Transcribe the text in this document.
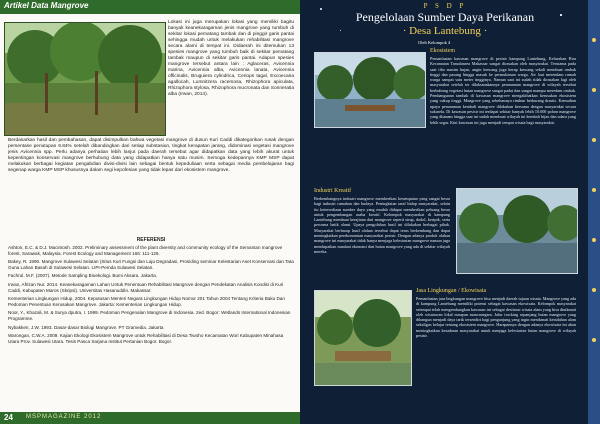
Artikel Data Mangrove
Lokasi ini juga merupakan lokasi yang memiliki bagitu banyak keanekaragaman jenis mangrove yang tumbuh di sekitar lokasi pematang tambak dan di pinggir garis pantai sehingga mudah untuk melakukan rehabilitasi mangrove secara alami di tempat ini. Didaerah ini ditemukan 13 spesies mangrove yang tumbuh baik di sekitar pematang tambak maupun di sekitar garis pantai. Adapun spesies mangrove tersebut antara lain : Aglaceras, Avicennia marina, Avicennia alba, Avicennia lanata, Avicennia officinalis, Bruguiera cylindrica, Ceriops tagal, Excoecaria agallocah, Lumnitzera racemosa, Rhizophora apiculata, Rhizophora stylosa, Rhizophora mucronata dan Sonneratia alba (Irwan, 2014).
Berdasarkan hasil dan pembahasan, dapat disimpulkan bahwa vegetasi mangrove di dusun Kuri Caddi dikategorikan rusak dengan persentase penutupan 9.84% setelah dibandingkan dari setiap substasiun, tingkat kerapatan jarang, didominasi vegetasi mangrove jenis Avicennia spp. Perlu adanya perhatian lebih lanjut pada daerah tersebut agar didapatkan data yang lebih akurat untuk kepentingan konservasi mangrove berhubung data yang didapatkan hanya satu musim. Semoga kedepannya KMP MSP dapat melakukan berbagai kegiatan pengabdian divisi-divisi lain sebagai bentuk kepeduliaan serta sebagai media pembelajaran bagi segenap warga KMP MSP khususnya dalam segi kepofesian yang tidak lepas dari ekosistem mangrove.
REFERENSI

Ashton, E.C. & D.J. Macintosh. 2002. Preliminary assessment of the plant diversity and community ecology of the Semantan mangrove forest, Sarawak, Malaysia. Forest Ecology and Management 166: 111-129.

Bakey, R. 1990. Mangrove Sulawesi Selatan (Situs Kuri Fungsi dan Laju Degradasi, Prosiding seminar Kelestarian Aset Konservasi dan Tata Guna Lahan Basah di Sulawesi Selatan. LIPI-Pemda Sulawesi Selatan.

Fachrul, M.F. (2007). Metode Sampling Bioekologi. Bumi Aksara. Jakarta.

Irwan, Afrizan Nur. 2014. Keanekaragaman Lahan Untuk Penentuan Rehabilitasi Mangrove dengan Pendekatan Analisis Kondisi di Kuri Caddi, Kabupaten Maros (Skripsi). Universitas Hasanuddin. Makassar.

Kementerian Lingkungan Hidup, 2004. Keputusan Menteri Negara Lingkungan Hidup Nomor 201 Tahun 2004 Tentang Kriteria Baku Dan Pedoman Penentuan Kerusakan Mangrove. Jakarta: Kementerian Lingkungan Hidup.

Noor, Y., Khazali, M. & Surya dputra, I. 1999. Pedoman Pengenalan Mangrove di Indonesia. 2ed. Bogor: Wetlands International Indonesian Programme.

Nybakken, J.W. 1993. Dasar-dasar Biologi Mangrove. PT Gramedia. Jakarta

Warongan, C.W.A. 2009. Kajian Ekologi Ekosistem Mangrove untuk Rehabilitasi di Desa Tiwoho Kecamatan Wori Kabupaten Minahasa Utara Prov. Sulawesi Utara. Tesis Pasca Sarjana Institut Pertanian Bogor. Bogor.

24 MSPMAGAZINE 2012
P S D P
Pengelolaan Sumber Daya Perikanan
· Desa Lantebung ·
Oleh Kelompok 4
Ekosistem
Pemanfaatan kawasan mangrove di pesisir kampung Lantebung, Kelurahan Bira Kecamatan Tamalanrea Makassar sangat dirasakan oleh masyarakat. Terutama pada saat tiba musim hujan, angin kencang juga kerap kencang sekali membuat ombak tinggi dan pasang hingga masuk ke permukiman warga. Air laut merendam rumah warga sampai satu meter tingginya. Namun saat ini sudah tidak dirasakan lagi oleh masyarakat setelah ter dilaksanakannya penanaman mangrove di wilayah tersebut berhubung vegetasi hutan mangrove sangat padat dan sangat mampu meredam ombak. Pembangunan tambak di kawasan mangrove mengakibatkan kerusakan ekosistem yang cukup tinggi. Mangrove yang sebelumnya rimbun berkurang drastis. Kemudian upaya penanaman kembali mangrove dilakukan bersama dengan masyarakat secara sukarela. Di kawasan pesisir ini terdapat sekitar banyak lebih 10.000 pohon mangrove yang ditanam hingga saat ini sudah membuat wilayah ini kembali hijau dan udara yang lebih segar. Kini kawasan ini juga menjadi tempat wisata bagi masyarakat.
Industri Kreatif
Berkembangnya industri mangrove memberikan kesempatan yang sangat besar bagi industri rumahan dan budaya. Peningkatan taraf hidup masyarakat, selain itu ketersediaan sumber daya yang mudah didapat memberikan peluang besar untuk pengembangan usaha kreatif. Kelompok masyarakat di kampung Lantebung membuat kerajinan dari mangrove seperti sirup, dodol, keripik, serta pewarna batik alami. Upaya pengolahan hasil ini dilakukan berbagai pihak. Masyarakat berharap hasil olahan tersebut dapat terus berkembang dan dapat meningkatkan perekonomian masyarakat pesisir. Dengan adanya produk olahan mangrove ini masyarakat tidak hanya menjaga kelestarian mangrove namun juga mendapatkan manfaat ekonomi dari hutan mangrove yang ada di sekitar wilayah mereka.
Jasa Lingkungan / Ekowisata
Pemanfaatan jasa lingkungan mangrove bisa menjadi daerah tujuan wisata. Mangrove yang ada di kampung Lantebung memiliki potensi sebagai kawasan ekowisata. Kelompok masyarakat setempat telah mengembangkan kawasan ini sebagai destinasi wisata alam yang bisa dinikmati oleh wisatawan lokal maupun mancanegara. Jalur tracking sepanjang hutan mangrove yang dibangun menjadi daya tarik tersendiri bagi pengunjung yang ingin menikmati keindahan alam sekaligus belajar tentang ekosistem mangrove. Harapannya dengan adanya ekowisata ini akan meningkatkan kesadaran masyarakat untuk menjaga kelestarian hutan mangrove di wilayah pesisir.
